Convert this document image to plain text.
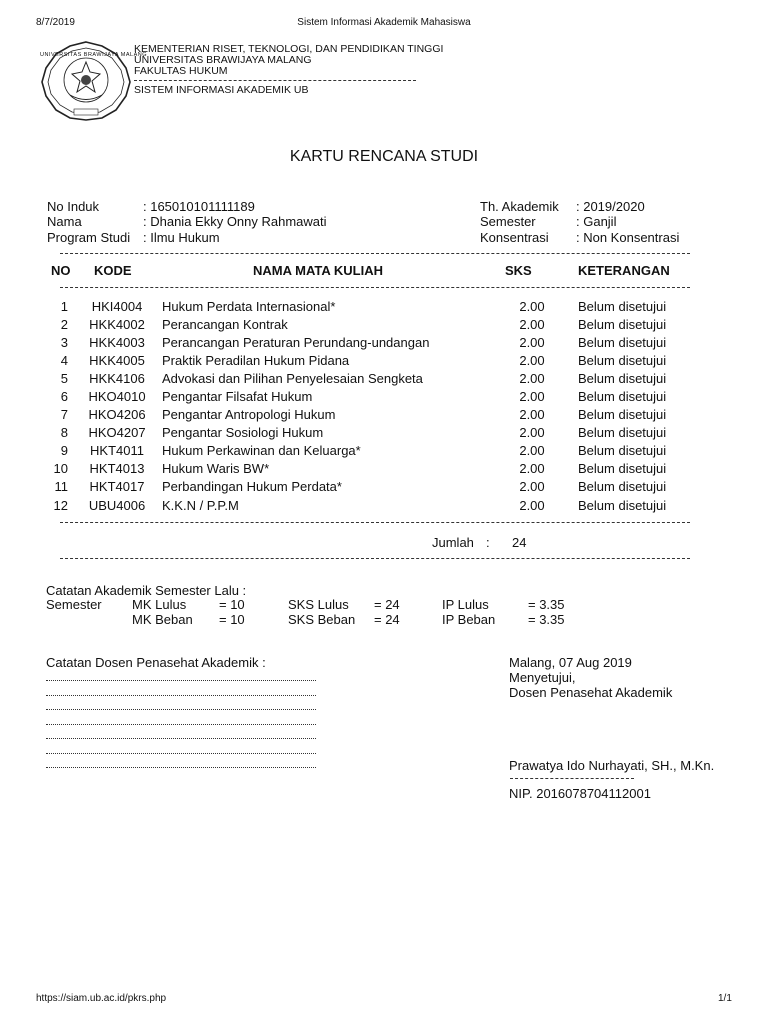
8/7/2019	Sistem Informasi Akademik Mahasiswa
UNIVERSITAS BRAWIJAYA MALANG
KEMENTERIAN RISET, TEKNOLOGI, DAN PENDIDIKAN TINGGI
UNIVERSITAS BRAWIJAYA MALANG
FAKULTAS HUKUM
SISTEM INFORMASI AKADEMIK UB
KARTU RENCANA STUDI
No Induk	: 165010101111189
Nama	: Dhania Ekky Onny Rahmawati
Program Studi : Ilmu Hukum
Th. Akademik : 2019/2020
Semester	: Ganjil
Konsentrasi : Non Konsentrasi
NO KODE	NAMA MATA KULIAH	SKS	KETERANGAN
1	HKI4004	Hukum Perdata Internasional*	2.00	Belum disetujui
2	HKK4002	Perancangan Kontrak	2.00	Belum disetujui
3	HKK4003	Perancangan Peraturan Perundang-undangan	2.00	Belum disetujui
4	HKK4005	Praktik Peradilan Hukum Pidana	2.00	Belum disetujui
5	HKK4106	Advokasi dan Pilihan Penyelesaian Sengketa	2.00	Belum disetujui
6	HKO4010	Pengantar Filsafat Hukum	2.00	Belum disetujui
7	HKO4206	Pengantar Antropologi Hukum	2.00	Belum disetujui
8	HKO4207	Pengantar Sosiologi Hukum	2.00	Belum disetujui
9	HKT4011	Hukum Perkawinan dan Keluarga*	2.00	Belum disetujui
10	HKT4013	Hukum Waris BW*	2.00	Belum disetujui
11	HKT4017	Perbandingan Hukum Perdata*	2.00	Belum disetujui
12	UBU4006	K.K.N / P.P.M	2.00	Belum disetujui
Jumlah : 24
Catatan Akademik Semester Lalu :
Semester MK Lulus	= 10
MK Beban = 10
SKS Lulus = 24
SKS Beban = 24
IP Lulus	= 3.35
IP Beban	= 3.35
Catatan Dosen Penasehat Akademik :	Malang, 07 Aug 2019
Menyetujui,
Dosen Penasehat Akademik
Prawatya Ido Nurhayati, SH., M.Kn.
NIP. 2016078704112001
https://siam.ub.ac.id/pkrs.php	1/1
